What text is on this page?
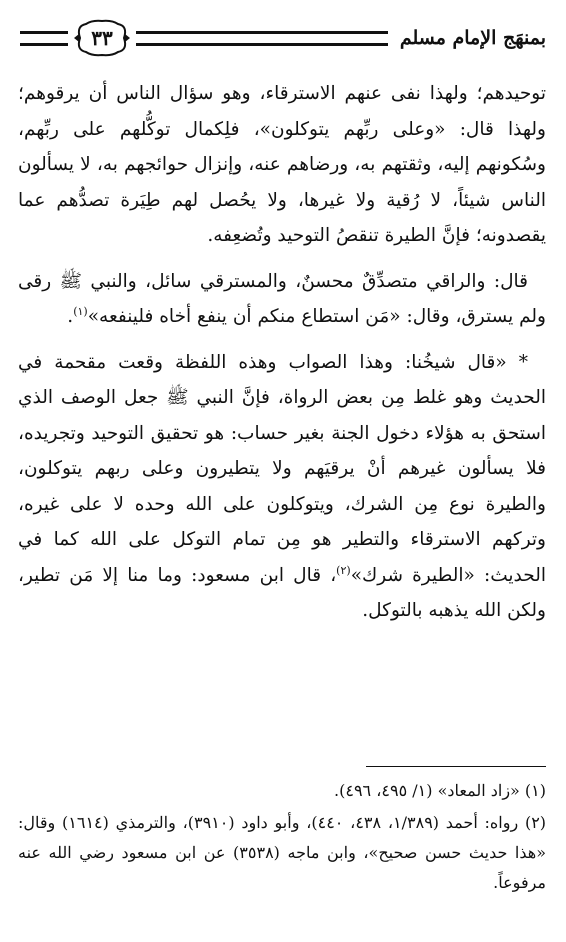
بمنهَج الإمام مسلم
٣٣

توحيدهم؛ ولهذا نفى عنهم الاسترقاء، وهو سؤال الناس أن يرقوهم؛ ولهذا قال: «وعلى ربِّهم يتوكلون»، فلِكمال توكُّلهم على ربِّهم، وسُكونهم إليه، وثقتهم به، ورضاهم عنه، وإنزال حوائجهم به، لا يسألون الناس شيئاً، لا رُقية ولا غيرها، ولا يحُصل لهم طِيَرة تصدُّهم عما يقصدونه؛ فإنَّ الطيرة تنقصُ التوحيد وتُضعِفه.

قال: والراقي متصدِّقٌ محسنٌ، والمسترقي سائل، والنبي ﷺ رقى ولم يسترق، وقال: «مَن استطاع منكم أن ينفع أخاه فلينفعه»$^{(١)}$.

* «قال شيخُنا: وهذا الصواب وهذه اللفظة وقعت مقحمة في الحديث وهو غلط مِن بعض الرواة، فإنَّ النبي ﷺ جعل الوصف الذي استحق به هؤلاء دخول الجنة بغير حساب: هو تحقيق التوحيد وتجريده، فلا يسألون غيرهم أنْ يرقيَهم ولا يتطيرون وعلى ربهم يتوكلون، والطيرة نوع مِن الشرك، ويتوكلون على الله وحده لا على غيره، وتركهم الاسترقاء والتطير هو مِن تمام التوكل على الله كما في الحديث: «الطيرة شرك»$^{(٢)}$، قال ابن مسعود: وما منا إلا مَن تطير، ولكن الله يذهبه بالتوكل.

(١) «زاد المعاد» (١/ ٤٩٥، ٤٩٦).

(٢) رواه: أحمد (١/٣٨٩، ٤٣٨، ٤٤٠)، وأبو داود (٣٩١٠)، والترمذي (١٦١٤) وقال: «هذا حديث حسن صحيح»، وابن ماجه (٣٥٣٨) عن ابن مسعود رضي الله عنه مرفوعاً.
